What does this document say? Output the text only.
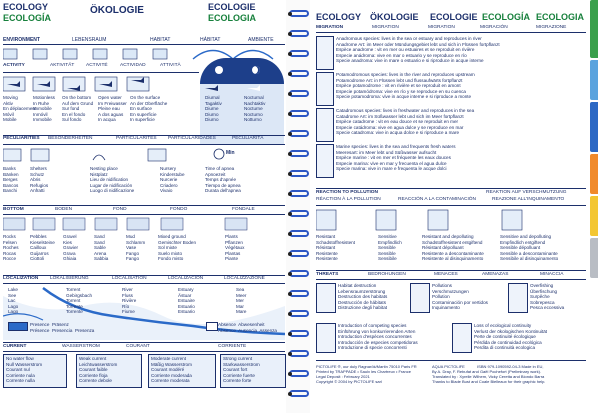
ECOLOGY
ECOLOGÍA
ÖKOLOGIE	ECOLOGIE
ECOLOGIA
ENVIRONMENT	LEBENSRAUM	HABITAT	HÁBITAT	AMBIENTE
ACTIVITY	AKTIVITÄT ACTIVITÉ	ACTIVIDAD	ATTIVITÀ
Moving
Aktiv
En déplacement
Móvil
Mobile
Motionless
In Ruhe
Immobile
Inmóvil
Immobile
On the bottom
Auf dem Grund
Sur fond
En el fondo
Sul fondo
Open water
Im Freiwasser
Pleine eau
A dos aguas
In acqua
On the surface
An der Oberfläche
En surface
En superficie
In superficie
Diurnal
Tagaktiv
Diurne
Diurno
Diurno
Nocturnal
Nachtaktiv
Nocturne
Nocturno
Notturno
PECULIARITIES BESONDERHEITEN	PARTICULARITÉS PARTICULARIDADES	PECULIARITÀ
Min
Banks
Bänken
Berges
Bancos
Banchi
Shelters
Schutz
Abris
Refugios
Anfratti
Nesting place
Nistplatz
Lieu de nidification
Lugar de nidificación
Luogo di nidificazione
Nursery
Kinderstube
Nurcerie
Criadero
Vivaio
Time of apnea
Apnoezeit
Temps d'apnée
Tiempo de apnea
Durata dell'apnea
BOTTOM	BODEN	FOND	FONDO	FONDALE
Rocks
Felsen
Roches
Rocas
Rocce
Pebbles
Kieselsteine
Cailloux
Guijarros
Ciottoli
Gravel
Kies
Gravier
Grava
Ghiaia
Sand
Sand
Sable
Arena
Sabbia
Mud
Schlamm
Vase
Fango
Fango
Mixed ground
Gemischter Boden
Sol mixte
Suelo mixto
Fondo misto
Plants
Pflanzen
Végétaux
Plantas
Piante
LOCALIZATION LOKALISIERUNG	LOCALISATION	LOCALIZACIÓN	LOCALIZZAZIONE
Lake
See
Lac
Lago
Lago
Torrent
Gebirgsbach
Torrent
Torrente
Torrente
River
Fluss
Rivière
Río
Fiume
Estuary
Ästuar
Estuaire
Estuario
Estuario
Sea
Meer
Mer
Mar
Mare
Presence  Präsenz
Présence  Presencia  Presenza
Absence  Abwesenheit
Absence  Ausencia  Assenza
CURRENT	WASSERSTROM	COURANT	CORRIENTE
No water flow
Null Wasserstrom
Courant nul
Corriente nula
Corrente nulla
Weak current
Leichtwasserstrom
Courant faible
Corriente floja
Corrente debole
Moderate current
Mäßig Wasserstrom
Courant modéré
Corriente moderada
Corrente moderata
Strong current
Starkwasserstrom
Courant fort
Corriente fuerte
Corrente forte
ECOLOGY ÖKOLOGIE ECOLOGIE ECOLOGÍA ECOLOGIA
MIGRATION	MIGRATION	MIGRATION	MIGRACIÓN	MIGRAZIONE
Anadromous species: lives in the sea or estuary and reproduces in river
Anadrome Art: im Meer oder Mündungsgebiet lebt und sich in Flüssen fortpflanzt
Espèce anadrome : vit en mer ou estuaires et se reproduit en rivière
Especie anádroma: vive en mar o estuario y se reproduce en río
Specie anadroma: vive in mare o estuario e si riproduce in acque interne
Potamodromous species: lives in the river and reproduces upstream
Potamodrome Art: in Flüssen lebt und flussaufwärts fortpflanzt
Espèce potamodrome : vit en rivière et se reproduit en amont
Especie potamódroma: vive en río y se reproduce en su cuenca
Specie potamodroma: vive in acque interne e si riproduce a monte
Catadromous species: lives in freshwater and reproduces in the sea
Catadrome Art: im Süßwasser lebt und sich im Meer fortpflanzt
Espèce catadrome : vit en eau douce et se reproduit en mer
Especie catádroma: vive en agua dulce y se reproduce en mar
Specie catadroma: vive in acqua dolce e si riproduce a mare
Marine species: lives in the sea and frequents fresh waters
Meeresart: im Meer lebt und Süßwasser aufsucht
Espèce marine : vit en mer et fréquente les eaux douces
Especie marina: vive en mar y frecuenta el agua dulce
Specie marina: vive in mare e frequenta le acque dolci
REACTION TO POLLUTION	REAKTION AUF VERSCHMUTZUNG
RÉACTION À LA POLLUTION	REACCIÓN A LA CONTAMINACIÓN	REAZIONE ALL'INQUINAMENTO
Resistant
Schadstoffresistent
Résistant
Resistente
Resistente
Sensitive
Empfindlich
Sensible
Sensible
Sensibile
Resistant and depolluting
Schadstoffresistent entgiftend
Résistant dépolluant
Resistente a descontaminante
Resistente al disinquinamento
Sensitive and depolluting
Empfindlich entgiftend
Sensible dépolluant
Sensible a descontaminante
Sensibile al disinquinamento
THREATS	BEDROHUNGEN	MENACES	AMENAZAS	MINACCIA
Habitat destruction
Lebensraumzerstörung
Destruction des habitats
Destrucción de hábitats
Distruzione degli habitat
Pollutions
Verschmutzungen
Pollution
Contaminación por vertidos
Inquinamento
Overfishing
Überfischung
Surpêche
Sobrepesca
Pesca eccessiva
Introduction of competing species
Einführung von konkurrierenden Arten
Introduction d'espèces concurrentes
Introducción de especies competidoras
Introduzione di specie concorrenti
Loss of ecological continuity
Verlust der ökologischen Kontinuität
Perte de continuité écologique
Pérdida de continuidad ecológica
Perdita di continuità ecologica
PICTOLIFE ®, our duly Ragnarök/Martin 75010 Paris FR
Printed by TRAPPADE • Saulx les Chartreux • France
Legal Deposit : February 2021
Copyright © 2004 by PICTOLIFE sarl
AQUA PICTOLIFE           ISBN 979-1090592-04-3 Made in EU,
By A. Dray, F. Rebufat and Gaël Pochefort (Preliminary work).
Translated by : Xyrelle Wilhem, Vicky Ceretta and Biondo Barra
Thanks to Blade Bust and Coale Bielleaux for their graphic help.
